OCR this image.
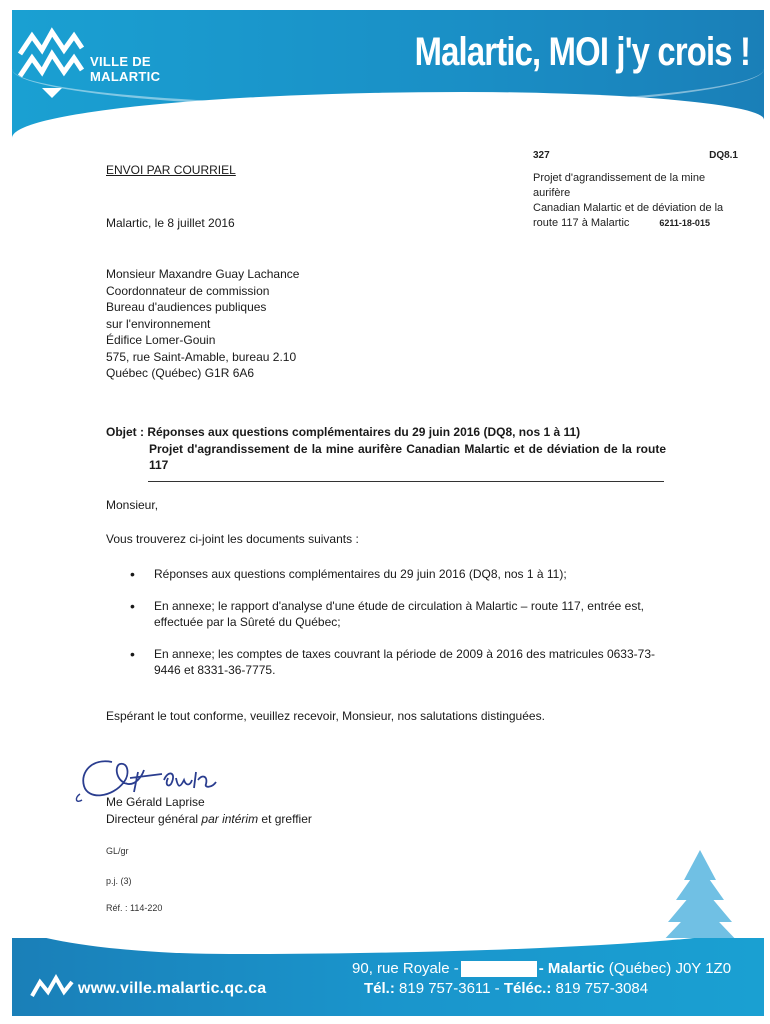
VILLE DE
MALARTIC
Malartic, MOI j'y crois !
327	DQ8.1
Projet d'agrandissement de la mine aurifère
Canadian Malartic et de déviation de la
route 117 à Malartic	6211-18-015
ENVOI PAR COURRIEL
Malartic, le 8 juillet 2016
Monsieur Maxandre Guay Lachance
Coordonnateur de commission
Bureau d'audiences publiques
sur l'environnement
Édifice Lomer-Gouin
575, rue Saint-Amable, bureau 2.10
Québec (Québec) G1R 6A6
Objet : Réponses aux questions complémentaires du 29 juin 2016 (DQ8, nos 1 à 11)
Projet d'agrandissement de la mine aurifère Canadian Malartic et de déviation de la route 117
Monsieur,
Vous trouverez ci-joint les documents suivants :
• Réponses aux questions complémentaires du 29 juin 2016 (DQ8, nos 1 à 11);
• En annexe; le rapport d'analyse d'une étude de circulation à Malartic – route 117, entrée est, effectuée par la Sûreté du Québec;
• En annexe; les comptes de taxes couvrant la période de 2009 à 2016 des matricules 0633-73-9446 et 8331-36-7775.
Espérant le tout conforme, veuillez recevoir, Monsieur, nos salutations distinguées.
Me Gérald Laprise
Directeur général par intérim et greffier
GL/gr
p.j. (3)
Réf. : 114-220
www.ville.malartic.qc.ca
90, rue Royale -	- Malartic (Québec) J0Y 1Z0
Tél.: 819 757-3611 - Téléc.: 819 757-3084
